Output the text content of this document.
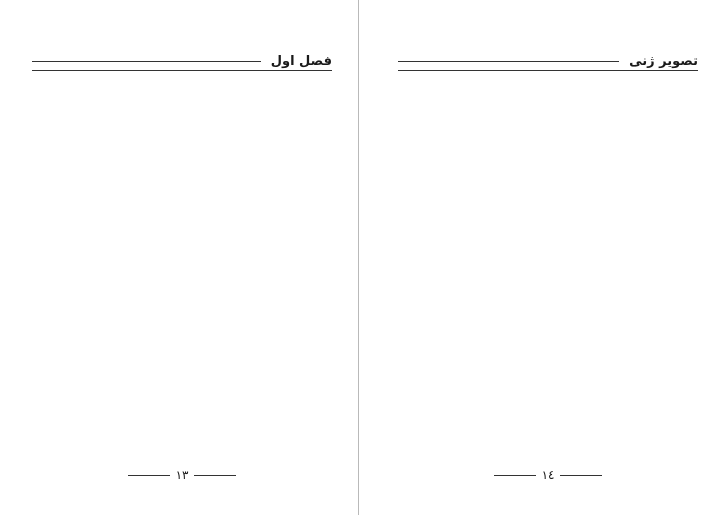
فصل اول
١٣
تصویر ژنی
١٤
